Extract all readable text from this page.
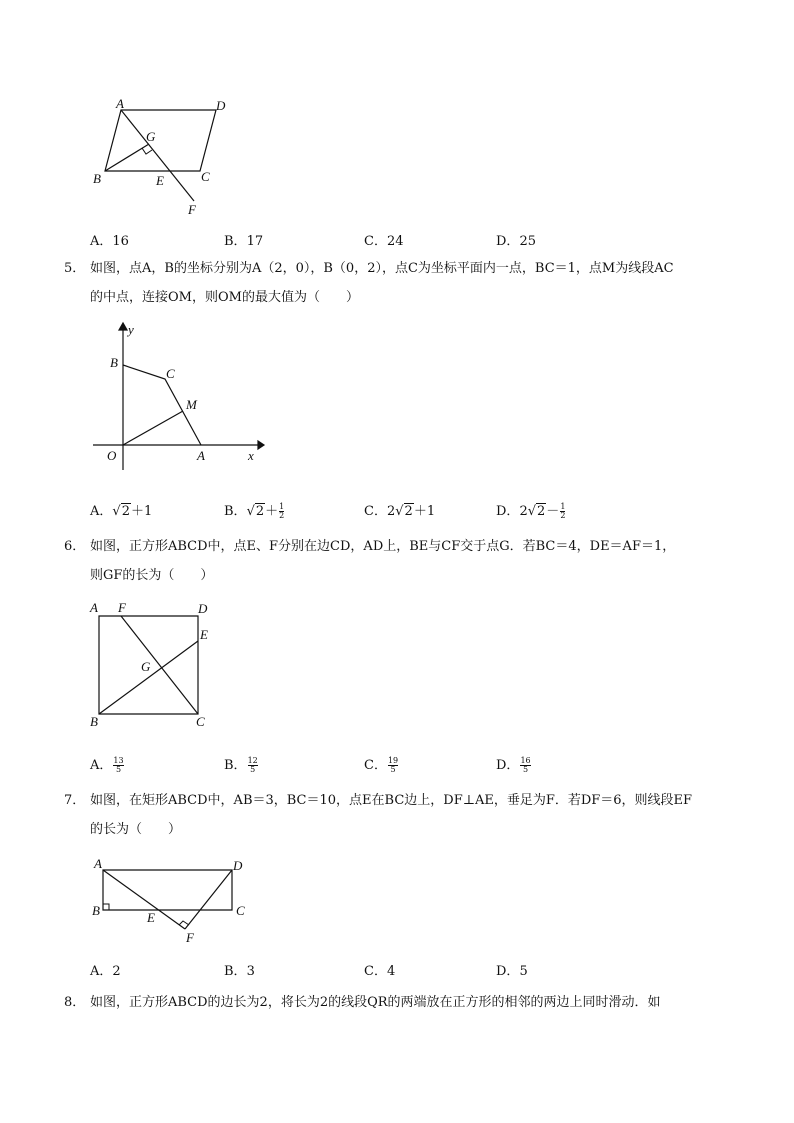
A	D
G
B	E	C
F
A．16	B．17	C．24	D．25
5． 如图，点A，B的坐标分别为A（2，0），B（0，2），点C为坐标平面内一点，BC＝1，点M为线段AC
的中点，连接OM，则OM的最大值为（　　）
y
B
C
M
O	A	x
A．√2＋1	B．$√2+ \frac{1}{2}$	C．2√2＋1	D．$2√2- \frac{1}{2}$
6． 如图，正方形ABCD中，点E、F分别在边CD，AD上，BE与CF交于点G．若BC＝4，DE＝AF＝1，
则GF的长为（　　）
A F	D
E
G
B	C
A． $\frac{13}{5}$	B． $\frac{12}{5}$	C． $\frac{19}{5}$	D． $\frac{16}{5}$
7． 如图，在矩形ABCD中，AB＝3，BC＝10，点E在BC边上，DF⊥AE，垂足为F．若DF＝6，则线段EF
的长为（　　）
A	D
B	E	C
F
A．2	B．3	C．4	D．5
8． 如图，正方形ABCD的边长为2，将长为2的线段QR的两端放在正方形的相邻的两边上同时滑动．如
